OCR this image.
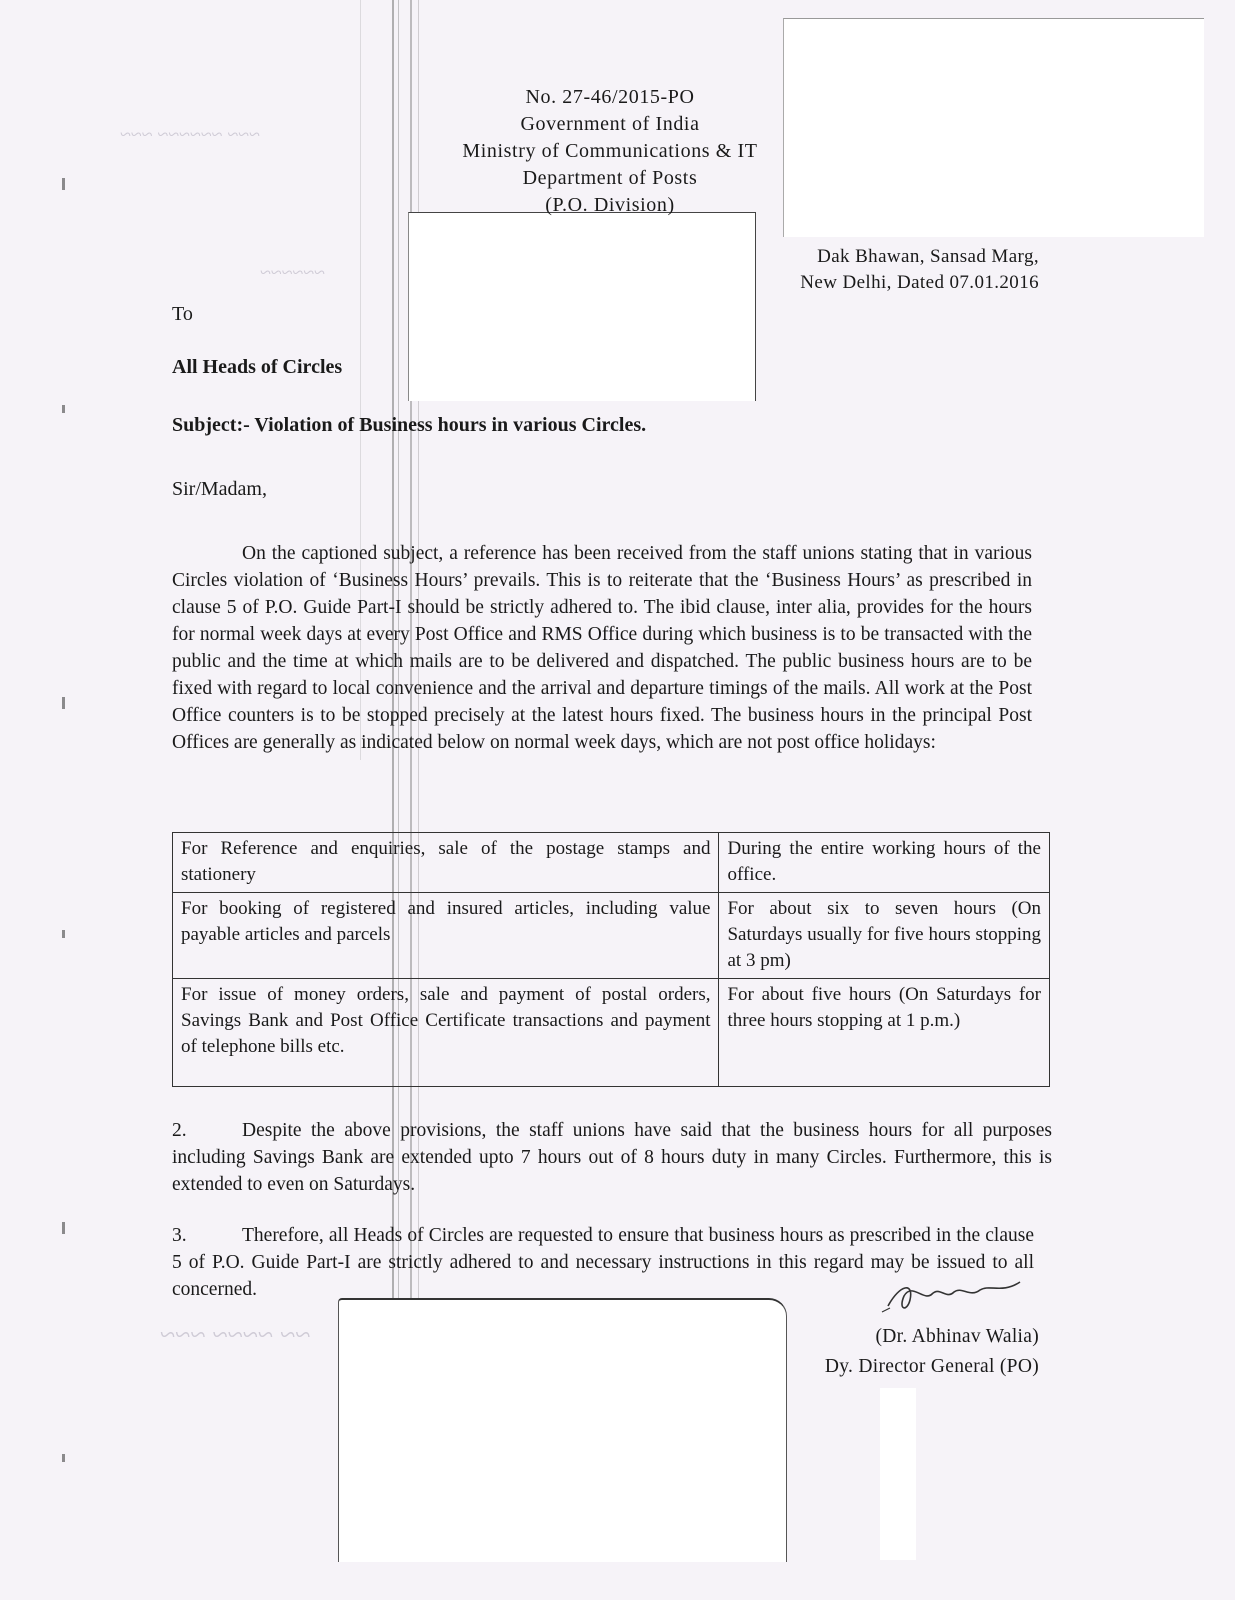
~~~ ~~~~~~ ~~~
~~~~~~
~~ ~~~~ ~~~
No. 27-46/2015-PO
Government of India
Ministry of Communications & IT
Department of Posts
(P.O. Division)
Dak Bhawan, Sansad Marg,
New Delhi, Dated 07.01.2016
To
All Heads of Circles
Subject:- Violation of Business hours in various Circles.
Sir/Madam,

On the captioned subject, a reference has been received from the staff unions stating that in various Circles violation of ‘Business Hours’ prevails. This is to reiterate that the ‘Business Hours’ as prescribed in clause 5 of P.O. Guide Part-I should be strictly adhered to. The ibid clause, inter alia, provides for the hours for normal week days at every Post Office and RMS Office during which business is to be transacted with the public and the time at which mails are to be delivered and dispatched. The public business hours are to be fixed with regard to local convenience and the arrival and departure timings of the mails. All work at the Post Office counters is to be stopped precisely at the latest hours fixed. The business hours in the principal Post Offices are generally as indicated below on normal week days, which are not post office holidays:

For Reference and enquiries, sale of the postage stamps and stationery	During the entire working hours of the office.
For booking of registered and insured articles, including value payable articles and parcels	For about six to seven hours (On Saturdays usually for five hours stopping at 3 pm)
For issue of money orders, sale and payment of postal orders, Savings Bank and Post Office Certificate transactions and payment of telephone bills etc.	For about five hours (On Saturdays for three hours stopping at 1 p.m.)

2.	Despite the above provisions, the staff unions have said that the business hours for all purposes including Savings Bank are extended upto 7 hours out of 8 hours duty in many Circles. Furthermore, this is extended to even on Saturdays.

3.	Therefore, all Heads of Circles are requested to ensure that business hours as prescribed in the clause 5 of P.O. Guide Part-I are strictly adhered to and necessary instructions in this regard may be issued to all concerned.

(Dr. Abhinav Walia)
Dy. Director General (PO)
